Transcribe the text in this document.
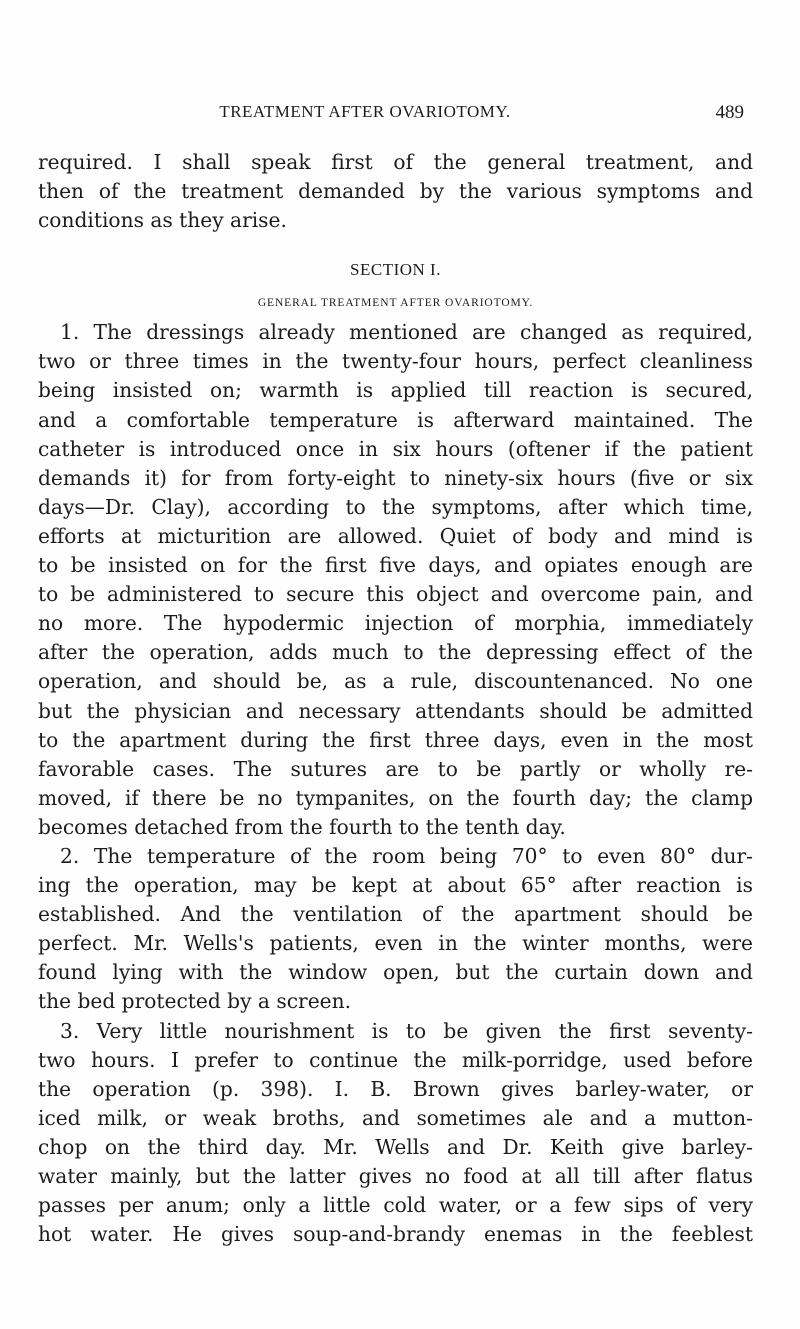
TREATMENT AFTER OVARIOTOMY.	489
required. I shall speak first of the general treatment, and
then of the treatment demanded by the various symptoms and
conditions as they arise.
SECTION I.
GENERAL TREATMENT AFTER OVARIOTOMY.
1. The dressings already mentioned are changed as required,
two or three times in the twenty-four hours, perfect cleanliness
being insisted on; warmth is applied till reaction is secured,
and a comfortable temperature is afterward maintained. The
catheter is introduced once in six hours (oftener if the patient
demands it) for from forty-eight to ninety-six hours (five or six
days—Dr. Clay), according to the symptoms, after which time,
efforts at micturition are allowed. Quiet of body and mind is
to be insisted on for the first five days, and opiates enough are
to be administered to secure this object and overcome pain, and
no more. The hypodermic injection of morphia, immediately
after the operation, adds much to the depressing effect of the
operation, and should be, as a rule, discountenanced. No one
but the physician and necessary attendants should be admitted
to the apartment during the first three days, even in the most
favorable cases. The sutures are to be partly or wholly re-
moved, if there be no tympanites, on the fourth day; the clamp
becomes detached from the fourth to the tenth day.
2. The temperature of the room being 70° to even 80° dur-
ing the operation, may be kept at about 65° after reaction is
established. And the ventilation of the apartment should be
perfect. Mr. Wells's patients, even in the winter months, were
found lying with the window open, but the curtain down and
the bed protected by a screen.
3. Very little nourishment is to be given the first seventy-
two hours. I prefer to continue the milk-porridge, used before
the operation (p. 398). I. B. Brown gives barley-water, or
iced milk, or weak broths, and sometimes ale and a mutton-
chop on the third day. Mr. Wells and Dr. Keith give barley-
water mainly, but the latter gives no food at all till after flatus
passes per anum; only a little cold water, or a few sips of very
hot water. He gives soup-and-brandy enemas in the feeblest
